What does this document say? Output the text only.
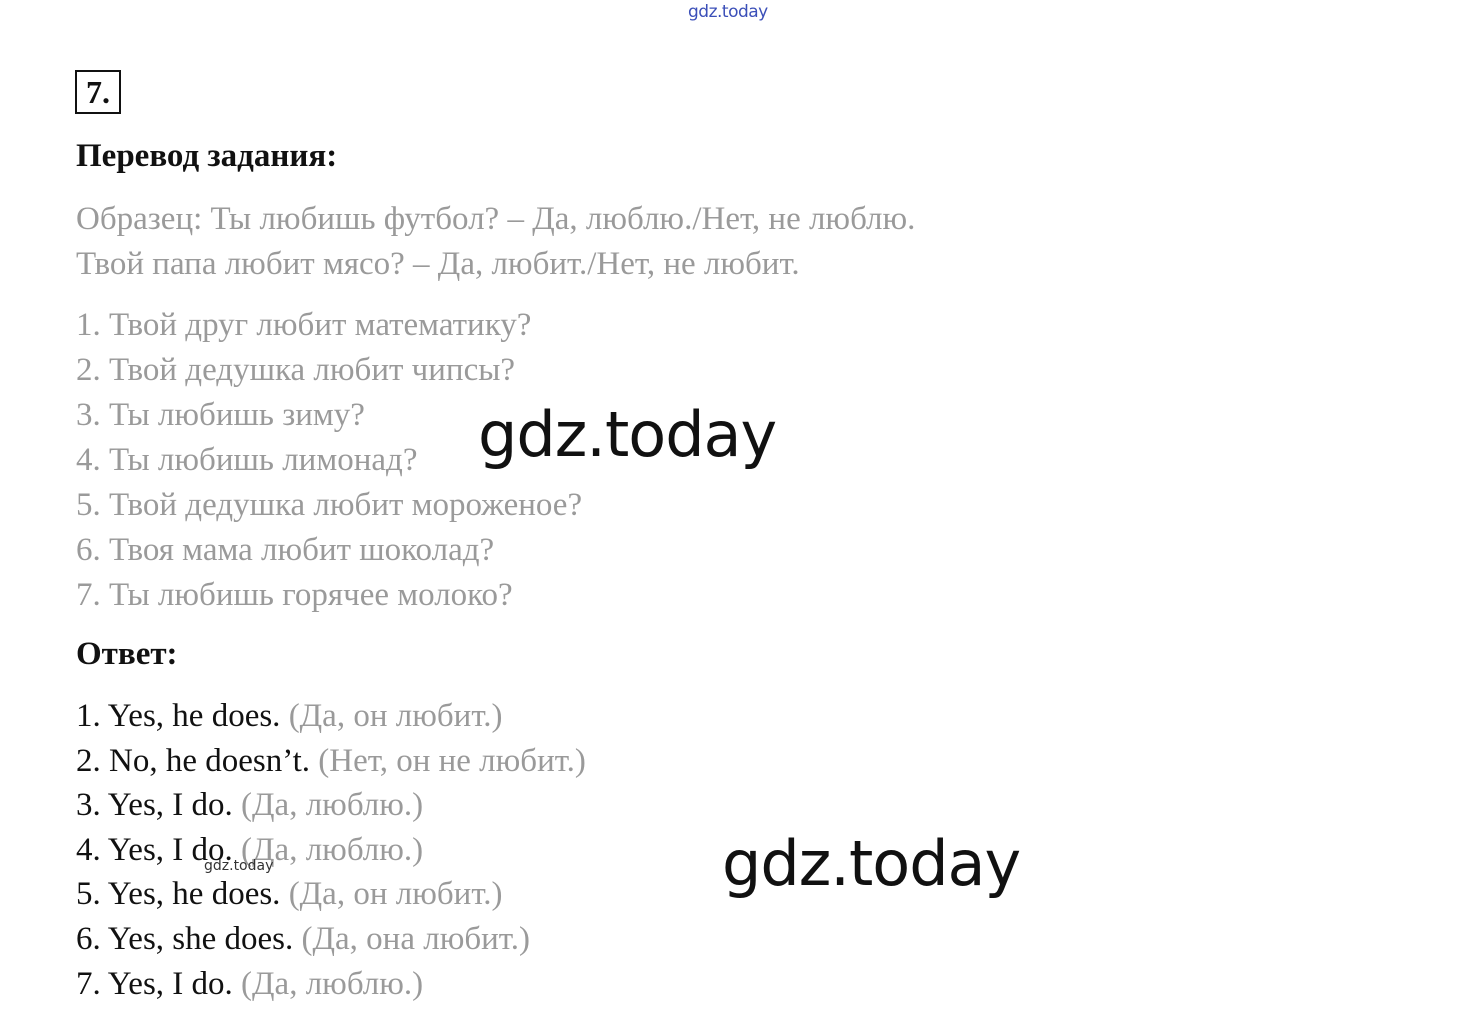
gdz.today
7.
Перевод задания:
Образец: Ты любишь футбол? – Да, люблю./Нет, не люблю.
Твой папа любит мясо? – Да, любит./Нет, не любит.
1. Твой друг любит математику?
2. Твой дедушка любит чипсы?
3. Ты любишь зиму?
4. Ты любишь лимонад?
5. Твой дедушка любит мороженое?
6. Твоя мама любит шоколад?
7. Ты любишь горячее молоко?
Ответ:
1. Yes, he does. (Да, он любит.)
2. No, he doesn’t. (Нет, он не любит.)
3. Yes, I do. (Да, люблю.)
4. Yes, I do. (Да, люблю.)
5. Yes, he does. (Да, он любит.)
6. Yes, she does. (Да, она любит.)
7. Yes, I do. (Да, люблю.)
gdz.today
gdz.today
gdz.today
